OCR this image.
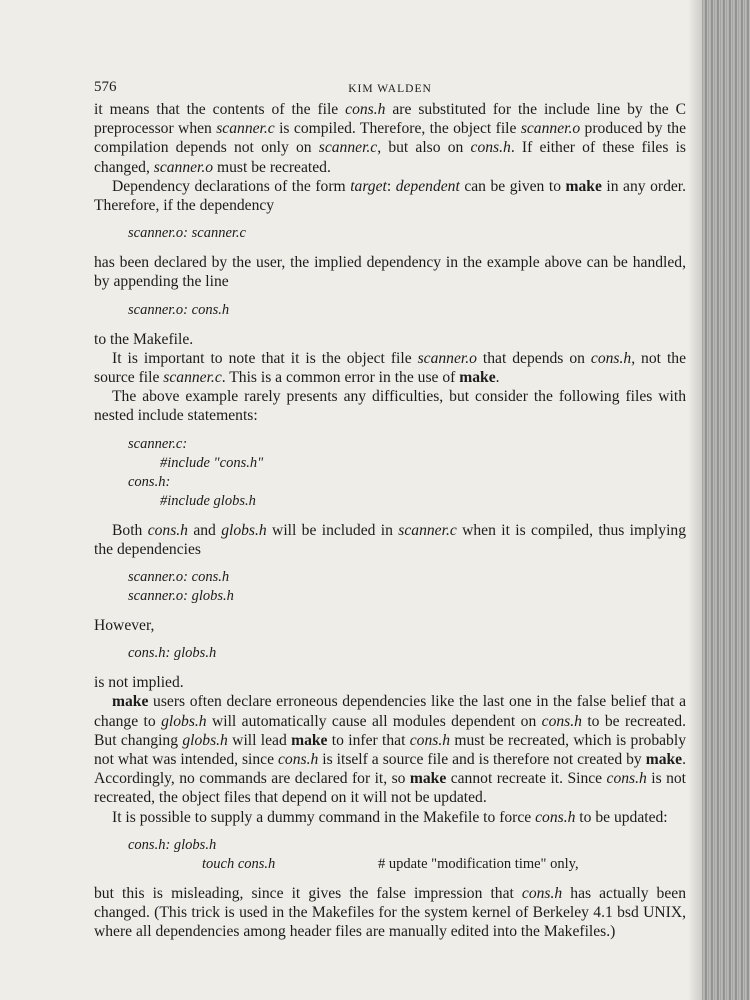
576	KIM WALDEN

it means that the contents of the file cons.h are substituted for the include line by the C preprocessor when scanner.c is compiled. Therefore, the object file scanner.o produced by the compilation depends not only on scanner.c, but also on cons.h. If either of these files is changed, scanner.o must be recreated.

Dependency declarations of the form target: dependent can be given to make in any order. Therefore, if the dependency

scanner.o: scanner.c

has been declared by the user, the implied dependency in the example above can be handled, by appending the line

scanner.o: cons.h

to the Makefile.

It is important to note that it is the object file scanner.o that depends on cons.h, not the source file scanner.c. This is a common error in the use of make.

The above example rarely presents any difficulties, but consider the following files with nested include statements:

scanner.c:
#include "cons.h"
cons.h:
#include globs.h

Both cons.h and globs.h will be included in scanner.c when it is compiled, thus implying the dependencies

scanner.o: cons.h
scanner.o: globs.h

However,

cons.h: globs.h

is not implied.

make users often declare erroneous dependencies like the last one in the false belief that a change to globs.h will automatically cause all modules dependent on cons.h to be recreated. But changing globs.h will lead make to infer that cons.h must be recreated, which is probably not what was intended, since cons.h is itself a source file and is therefore not created by make. Accordingly, no commands are declared for it, so make cannot recreate it. Since cons.h is not recreated, the object files that depend on it will not be updated.

It is possible to supply a dummy command in the Makefile to force cons.h to be updated:

cons.h: globs.h
touch cons.h	# update "modification time" only,

but this is misleading, since it gives the false impression that cons.h has actually been changed. (This trick is used in the Makefiles for the system kernel of Berkeley 4.1 bsd UNIX, where all dependencies among header files are manually edited into the Makefiles.)
